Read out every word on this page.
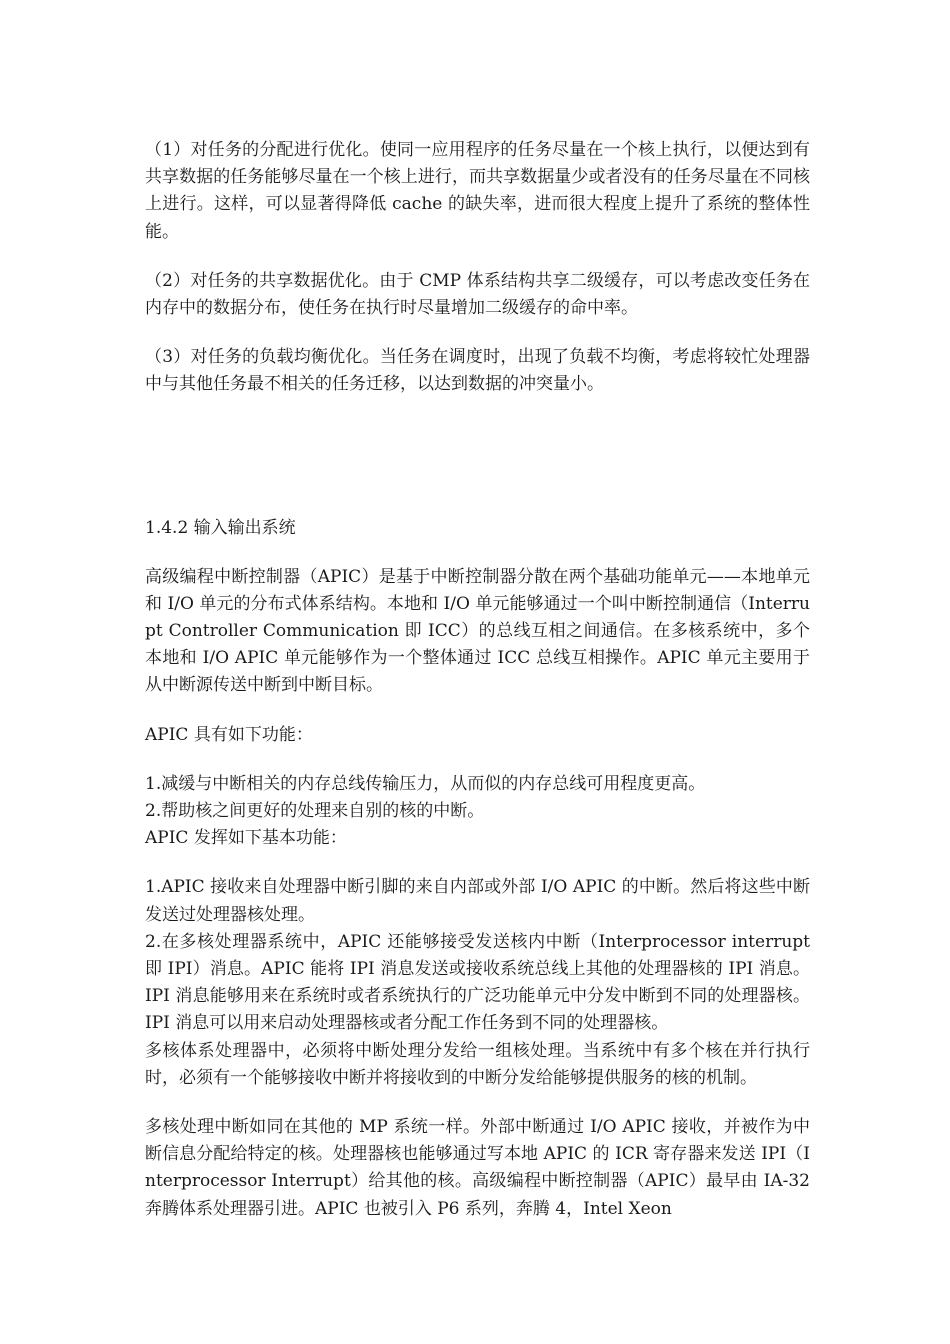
（1）对任务的分配进行优化。使同一应用程序的任务尽量在一个核上执行，以便达到有共享数据的任务能够尽量在一个核上进行，而共享数据量少或者没有的任务尽量在不同核上进行。这样，可以显著得降低 cache 的缺失率，进而很大程度上提升了系统的整体性能。

（2）对任务的共享数据优化。由于 CMP 体系结构共享二级缓存，可以考虑改变任务在内存中的数据分布，使任务在执行时尽量增加二级缓存的命中率。

（3）对任务的负载均衡优化。当任务在调度时，出现了负载不均衡，考虑将较忙处理器中与其他任务最不相关的任务迁移，以达到数据的冲突量小。

1.4.2 输入输出系统

高级编程中断控制器（APIC）是基于中断控制器分散在两个基础功能单元——本地单元和 I/O 单元的分布式体系结构。本地和 I/O 单元能够通过一个叫中断控制通信（Interrupt Controller Communication 即 ICC）的总线互相之间通信。在多核系统中，多个本地和 I/O APIC 单元能够作为一个整体通过 ICC 总线互相操作。APIC 单元主要用于从中断源传送中断到中断目标。

APIC 具有如下功能：

1.减缓与中断相关的内存总线传输压力，从而似的内存总线可用程度更高。

2.帮助核之间更好的处理来自别的核的中断。

APIC 发挥如下基本功能：

1.APIC 接收来自处理器中断引脚的来自内部或外部 I/O APIC 的中断。然后将这些中断发送过处理器核处理。

2.在多核处理器系统中，APIC 还能够接受发送核内中断（Interprocessor interrupt 即 IPI）消息。APIC 能将 IPI 消息发送或接收系统总线上其他的处理器核的 IPI 消息。IPI 消息能够用来在系统时或者系统执行的广泛功能单元中分发中断到不同的处理器核。IPI 消息可以用来启动处理器核或者分配工作任务到不同的处理器核。

多核体系处理器中，必须将中断处理分发给一组核处理。当系统中有多个核在并行执行时，必须有一个能够接收中断并将接收到的中断分发给能够提供服务的核的机制。

多核处理中断如同在其他的 MP 系统一样。外部中断通过 I/O APIC 接收，并被作为中断信息分配给特定的核。处理器核也能够通过写本地 APIC 的 ICR 寄存器来发送 IPI（Interprocessor Interrupt）给其他的核。高级编程中断控制器（APIC）最早由 IA-32 奔腾体系处理器引进。APIC 也被引入 P6 系列，奔腾 4，Intel Xeon
